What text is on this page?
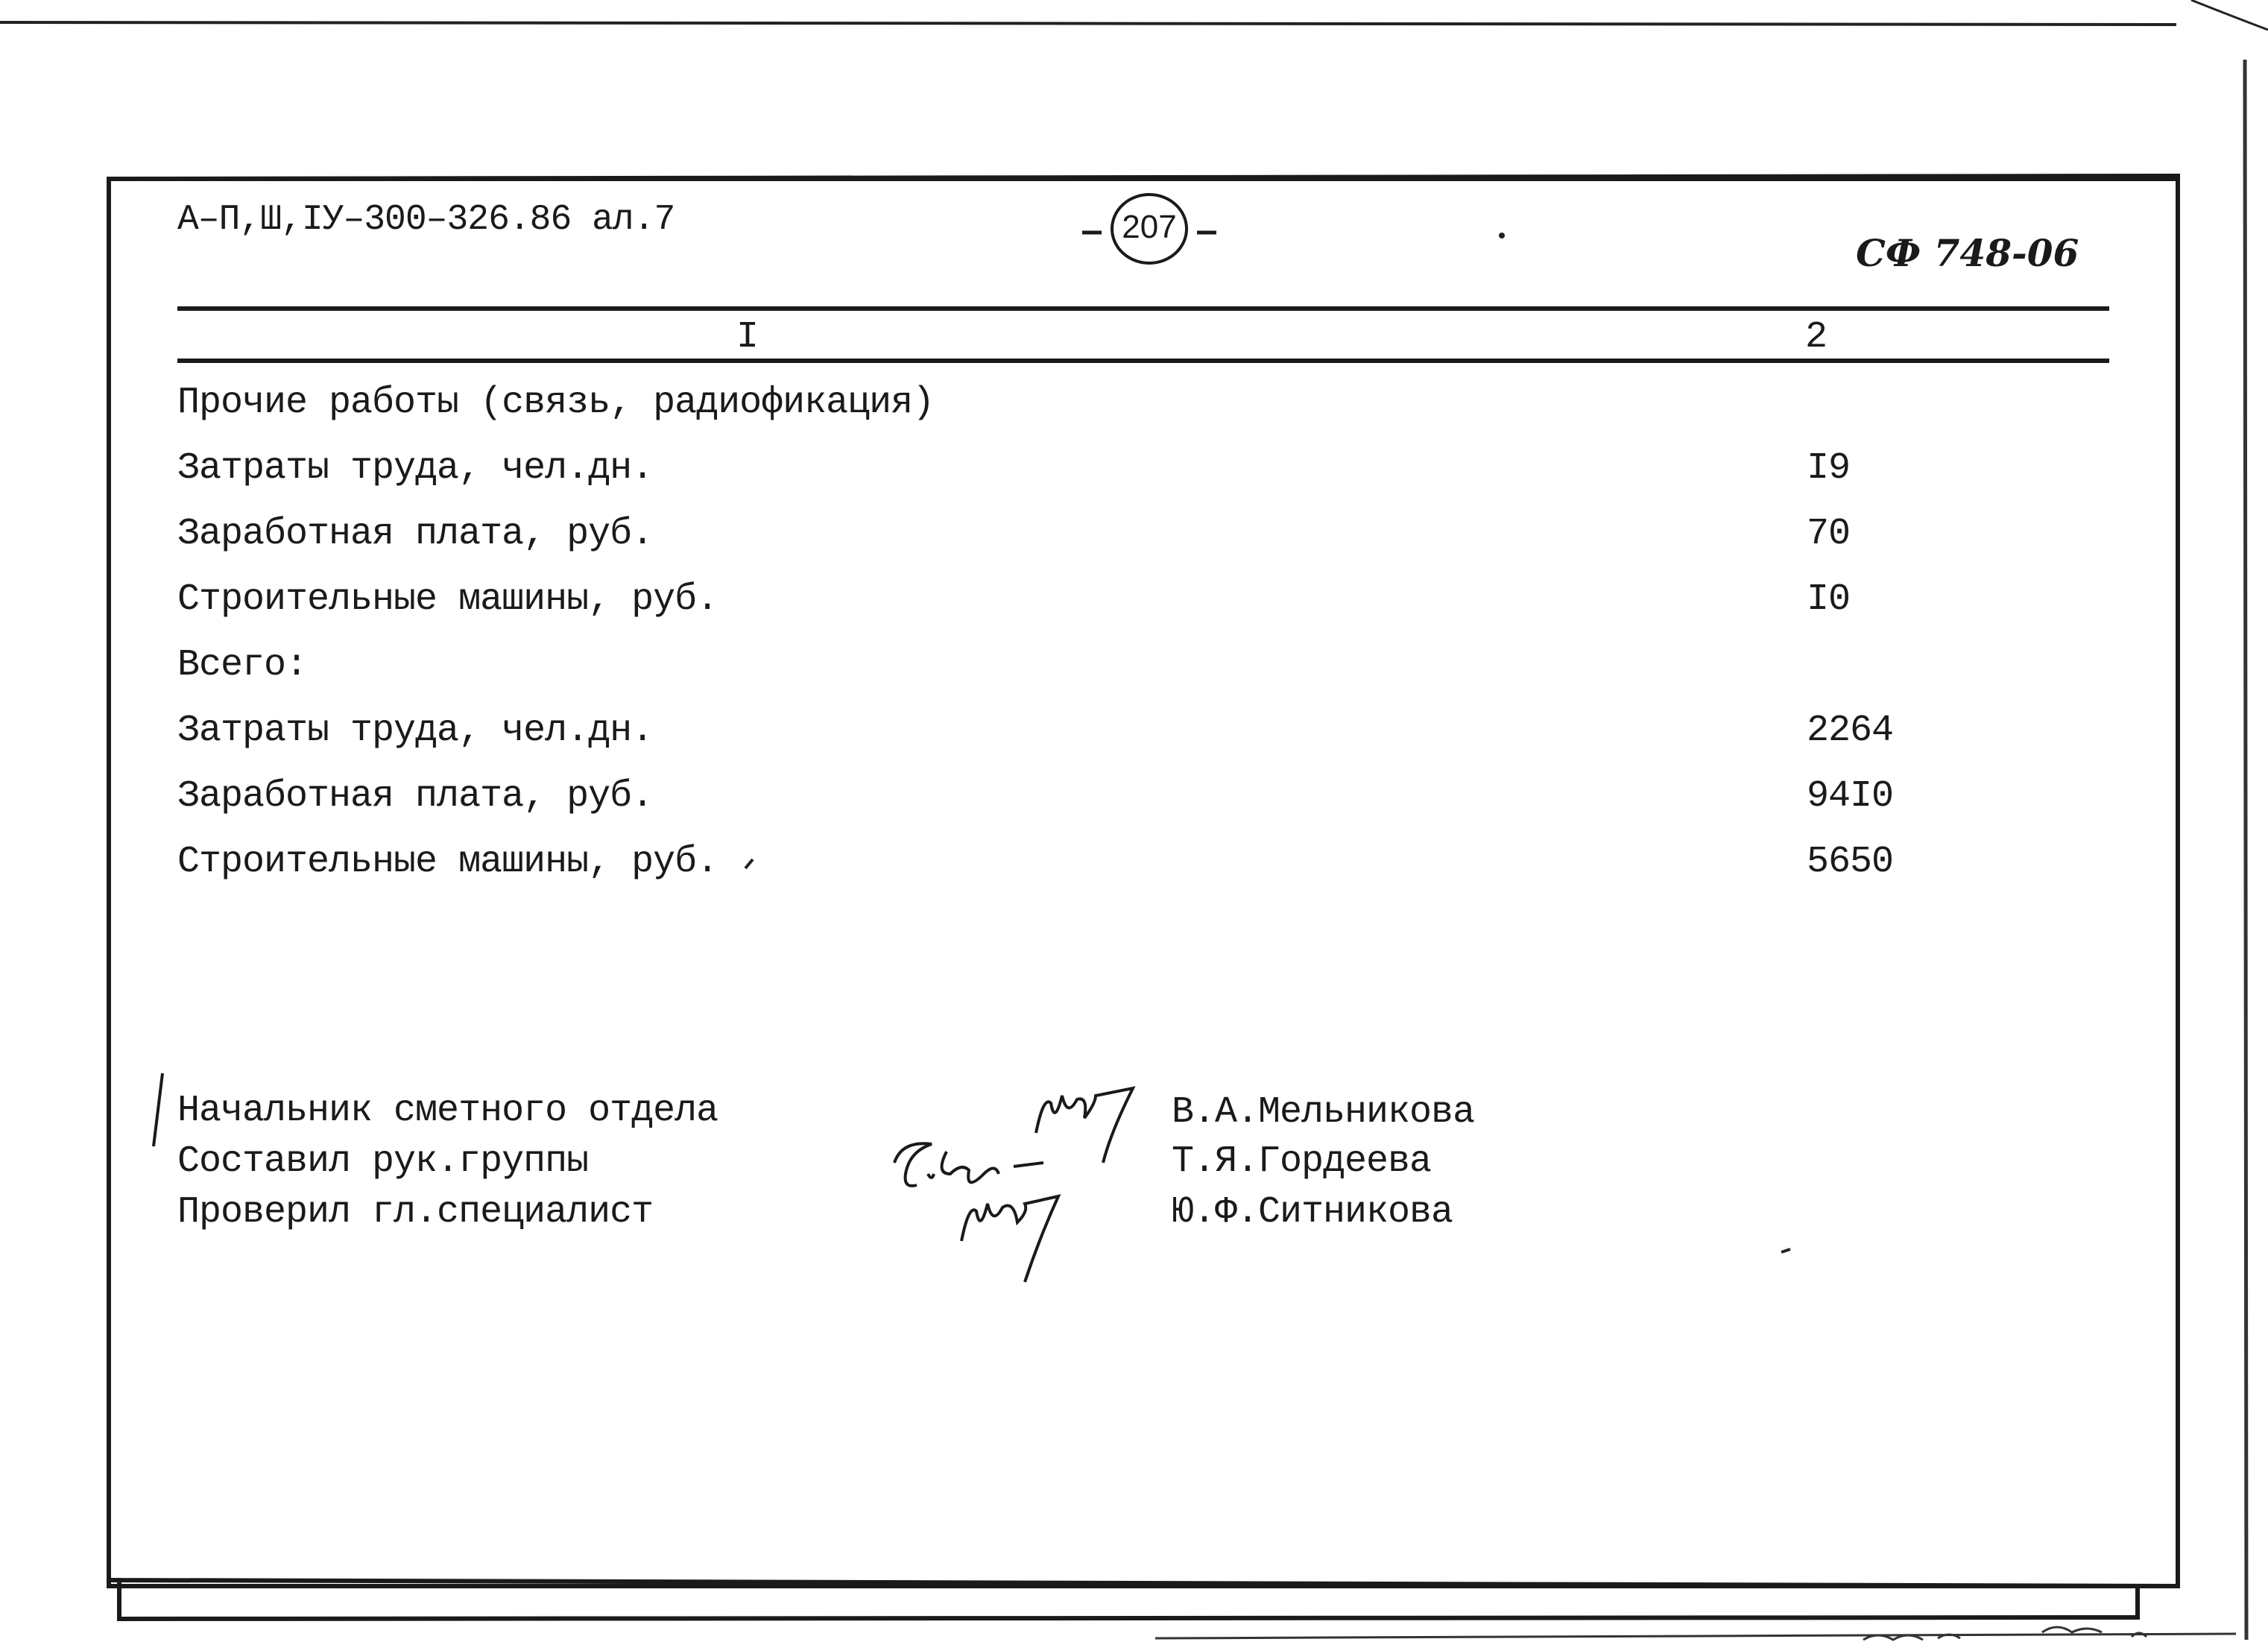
А–П,Ш,IУ–300–326.86 ал.7	207
СФ 748-06
I	2
Прочие работы (связь, радиофикация)
Затраты труда, чел.дн.	I9
Заработная плата, руб.	70
Строительные машины, руб.	I0
Всего:
Затраты труда, чел.дн.	2264
Заработная плата, руб.	94I0
Строительные машины, руб.	5650
Начальник сметного отдела	В.А.Мельникова
Составил рук.группы	Т.Я.Гордеева
Проверил гл.специалист	Ю.Ф.Ситникова
